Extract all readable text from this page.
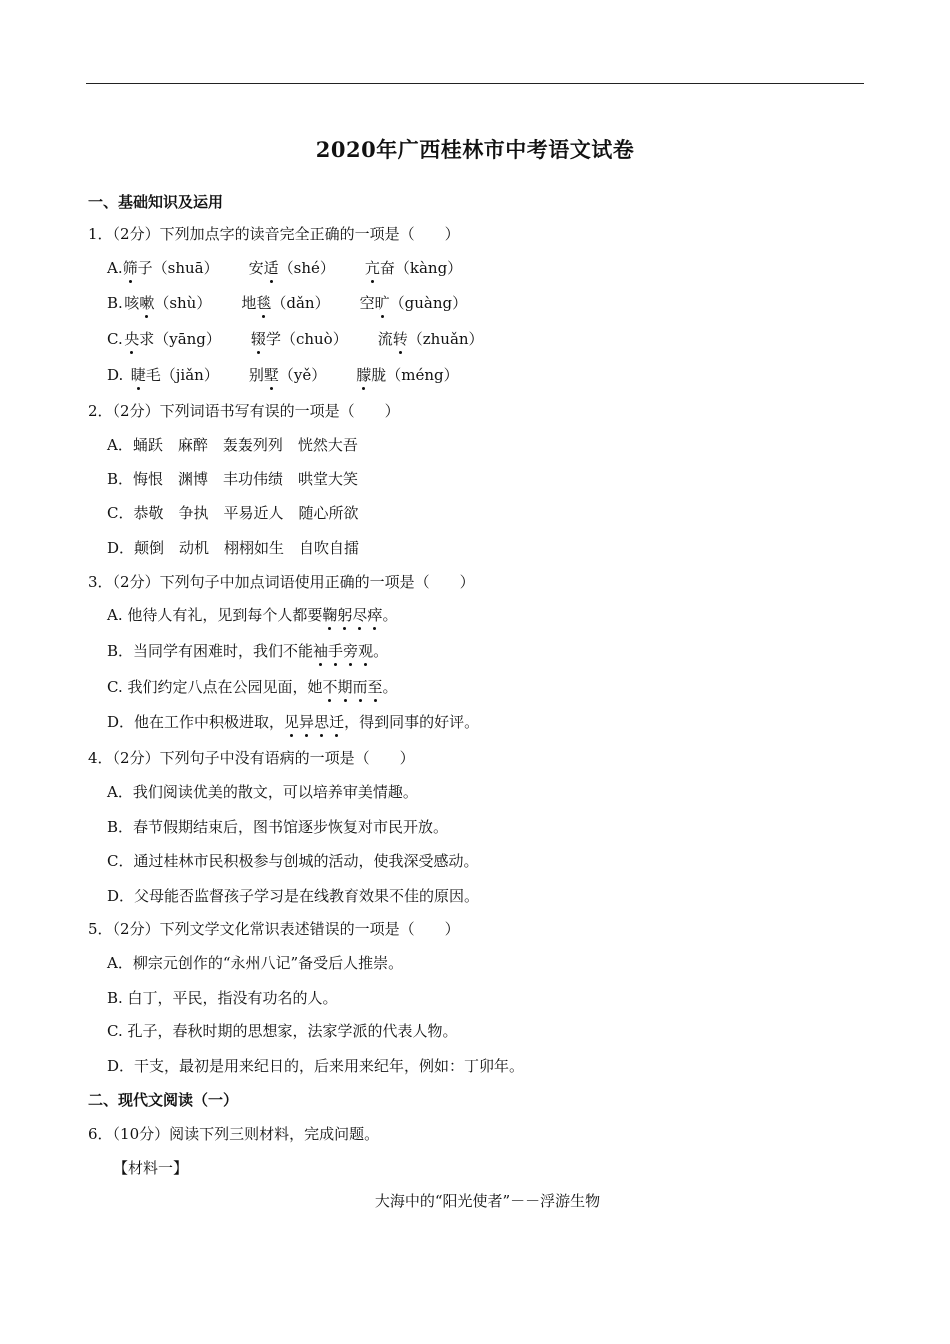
2020年广西桂林市中考语文试卷
一、基础知识及运用
1．（2分）下列加点字的读音完全正确的一项是（　　）
A.筛子（shuā） 安适（shé） 亢奋（kàng）
B.  咳嗽（shù） 地毯（dǎn） 空旷（guàng）
C.  央求（yāng） 辍学（chuò） 流转（zhuǎn）
D.  睫毛（jiǎn） 别墅（yě） 朦胧（méng）
2．（2分）下列词语书写有误的一项是（　　）
A．蛹跃　麻醉　轰轰列列　恍然大吾
B．悔恨　渊博　丰功伟绩　哄堂大笑
C．恭敬　争执　平易近人　随心所欲
D．颠倒　动机　栩栩如生　自吹自擂
3．（2分）下列句子中加点词语使用正确的一项是（　　）
A. 他待人有礼，见到每个人都要鞠躬尽瘁。
B．当同学有困难时，我们不能袖手旁观。
C. 我们约定八点在公园见面，她不期而至。
D．他在工作中积极进取，见异思迁，得到同事的好评。
4．（2分）下列句子中没有语病的一项是（　　）
A．我们阅读优美的散文，可以培养审美情趣。
B．春节假期结束后，图书馆逐步恢复对市民开放。
C．通过桂林市民积极参与创城的活动，使我深受感动。
D．父母能否监督孩子学习是在线教育效果不佳的原因。
5．（2分）下列文学文化常识表述错误的一项是（　　）
A．柳宗元创作的“永州八记”备受后人推崇。
B. 白丁，平民，指没有功名的人。
C. 孔子，春秋时期的思想家，法家学派的代表人物。
D．干支，最初是用来纪日的，后来用来纪年，例如：丁卯年。
二、现代文阅读（一）
6．（10分）阅读下列三则材料，完成问题。
【材料一】
大海中的“阳光使者”－－浮游生物
